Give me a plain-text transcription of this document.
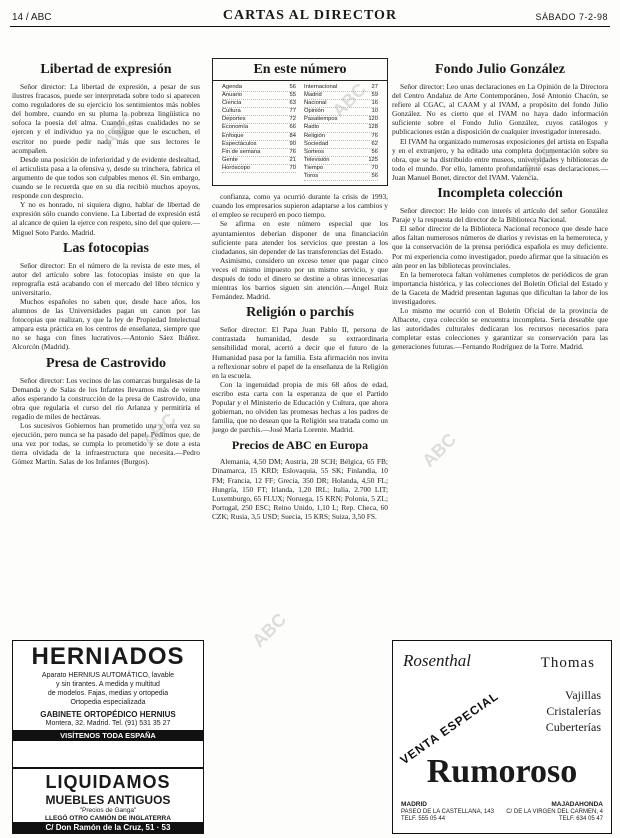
14 / ABC	CARTAS AL DIRECTOR	SÁBADO 7-2-98
Libertad de expresión

Señor director: La libertad de expresión, a pesar de sus ilustres fracasos, puede ser interpretada sobre todo si aparecen como reguladores de su ejercicio los sentimientos más nobles del hombre, cuando en su pluma la pobreza lingüística no sofoca la poesía del alma. Cuando estas cualidades no se ejercen y el individuo ya no consigue que le escuchen, el escritor no puede pedir nada más que sus lectores le acompañen.

Desde una posición de inferioridad y de evidente deslealtad, el articulista pasa a la ofensiva y, desde su trinchera, fabrica el argumento de que todos son culpables menos él. Sin embargo, cuando se le recuerda que en su día recibió muchos apoyos, responde con desprecio.

Y no es honrado, ni siquiera digno, hablar de libertad de expresión sólo cuando conviene. La Libertad de expresión está al alcance de quien la ejerce con respeto, sino del que quiere.—Miguel Soto Pardo. Madrid.

Las fotocopias

Señor director: En el número de la revista de este mes, el autor del artículo sobre las fotocopias insiste en que la reprografía está acabando con el mercado del libro técnico y universitario.

Muchos españoles no saben que, desde hace años, los alumnos de las Universidades pagan un canon por las fotocopias que realizan, y que la ley de Propiedad Intelectual ampara esta práctica en los centros de enseñanza, siempre que no se haga con fines lucrativos.—Antonio Sáez Ibáñez. Alcorcón (Madrid).

Presa de Castrovido

Señor director: Los vecinos de las comarcas burgalesas de la Demanda y de Salas de los Infantes llevamos más de veinte años esperando la construcción de la presa de Castrovido, una obra que regularía el curso del río Arlanza y permitiría el regadío de miles de hectáreas.

Los sucesivos Gobiernos han prometido una y otra vez su ejecución, pero nunca se ha pasado del papel. Pedimos que, de una vez por todas, se cumpla lo prometido y se dote a esta tierra olvidada de la infraestructura que necesita.—Pedro Gómez Martín. Salas de los Infantes (Burgos).

En este número
Agenda	56
Anuario	55
Ciencia	63
Cultura	77
Deportes	72
Economía	66
Enfoque	84
Espectáculos	90
Fin de semana	76
Gente	21
Horóscopo	70
Internacional	27
Madrid	59
Nacional	16
Opinión	10
Pasatiempos	120
Radio	128
Religión	76
Sociedad	62
Sorteos	56
Televisión	125
Tiempo	70
Toros	56

confianza, como ya ocurrió durante la crisis de 1993, cuando los empresarios supieron adaptarse a los cambios y el empleo se recuperó en poco tiempo.

Se afirma en este número especial que los ayuntamientos deberían disponer de una financiación suficiente para atender los servicios que prestan a los ciudadanos, sin depender de las transferencias del Estado.

Asimismo, considero un exceso tener que pagar cinco veces el mismo impuesto por un mismo servicio, y que después de todo el dinero se destine a obras innecesarias mientras los barrios siguen sin atención.—Ángel Ruiz Fernández. Madrid.

Religión o parchís

Señor director: El Papa Juan Pablo II, persona de contrastada humanidad, desde su extraordinaria sensibilidad moral, acertó a decir que el futuro de la Humanidad pasa por la familia. Esta afirmación nos invita a reflexionar sobre el papel de la enseñanza de la Religión en la escuela.

Con la ingenuidad propia de mis 68 años de edad, escribo esta carta con la esperanza de que el Partido Popular y el Ministerio de Educación y Cultura, que ahora gobiernan, no olviden las promesas hechas a los padres de familia, que no desean que la Religión sea tratada como un juego de parchís.—José María Lorente. Madrid.

Precios de ABC en Europa

Alemania, 4,50 DM; Austria, 28 SCH; Bélgica, 65 FB; Dinamarca, 15 KRD; Eslovaquia, 55 SK; Finlandia, 10 FM; Francia, 12 FF; Grecia, 350 DR; Holanda, 4,50 FL; Hungría, 150 FT; Irlanda, 1,20 IRL; Italia, 2.700 LIT; Luxemburgo, 65 FLUX; Noruega, 15 KRN; Polonia, 5 ZL; Portugal, 250 ESC; Reino Unido, 1,10 L; Rep. Checa, 60 CZK; Rusia, 3,5 USD; Suecia, 15 KRS; Suiza, 3,50 FS.

Fondo Julio González

Señor director: Leo unas declaraciones en La Opinión de la Directora del Centro Andaluz de Arte Contemporáneo, José Antonio Chacón, se refiere al CGAC, al CAAM y al IVAM, a propósito del fondo Julio González. No es cierto que el IVAM no haya dado información suficiente sobre el Fondo Julio González, cuyos catálogos y publicaciones están a disposición de cualquier investigador interesado.

El IVAM ha organizado numerosas exposiciones del artista en España y en el extranjero, y ha editado una completa documentación sobre su obra, que se ha distribuido entre museos, universidades y bibliotecas de todo el mundo. Por ello, lamento profundamente esas declaraciones.—Juan Manuel Bonet, director del IVAM. Valencia.

Incompleta colección

Señor director: He leído con interés el artículo del señor González Paraje y la respuesta del director de la Biblioteca Nacional.

El señor director de la Biblioteca Nacional reconoce que desde hace años faltan numerosos números de diarios y revistas en la hemeroteca, y que la conservación de la prensa periódica española es muy deficiente. Por mi experiencia como investigador, puedo afirmar que la situación es aún peor en las bibliotecas provinciales.

En la hemeroteca faltan volúmenes completos de periódicos de gran importancia histórica, y las colecciones del Boletín Oficial del Estado y de la Gaceta de Madrid presentan lagunas que dificultan la labor de los investigadores.

Lo mismo me ocurrió con el Boletín Oficial de la provincia de Albacete, cuya colección se encuentra incompleta. Sería deseable que las autoridades culturales dedicaran los recursos necesarios para completar estas colecciones y garantizar su conservación para las generaciones futuras.—Fernando Rodríguez de la Torre. Madrid.

HERNIADOS
Aparato HERNIUS AUTOMÁTICO, lavable
y sin tirantes. A medida y multitud
de modelos. Fajas, medias y ortopedia
Ortopedia especializada
GABINETE ORTOPÉDICO HERNIUS
Montera, 32. Madrid. Tel. (91) 531 35 27
VISÍTENOS TODA ESPAÑA
LIQUIDAMOS
MUEBLES ANTIGUOS
"Precios de Ganga"
LLEGÓ OTRO CAMIÓN DE INGLATERRA
C/ Don Ramón de la Cruz, 51 · 53
Rosenthal	Thomas
Vajillas
Cristalerías
Cuberterías
VENTA ESPECIAL
Rumoroso
MADRID
PASEO DE LA CASTELLANA, 143
TELF. 555 05 44
MAJADAHONDA
C/ DE LA VIRGEN DEL CARMEN, 4
TELF. 634 05 47
ABC
ABC
ABC
ABC	ABC
ABC
